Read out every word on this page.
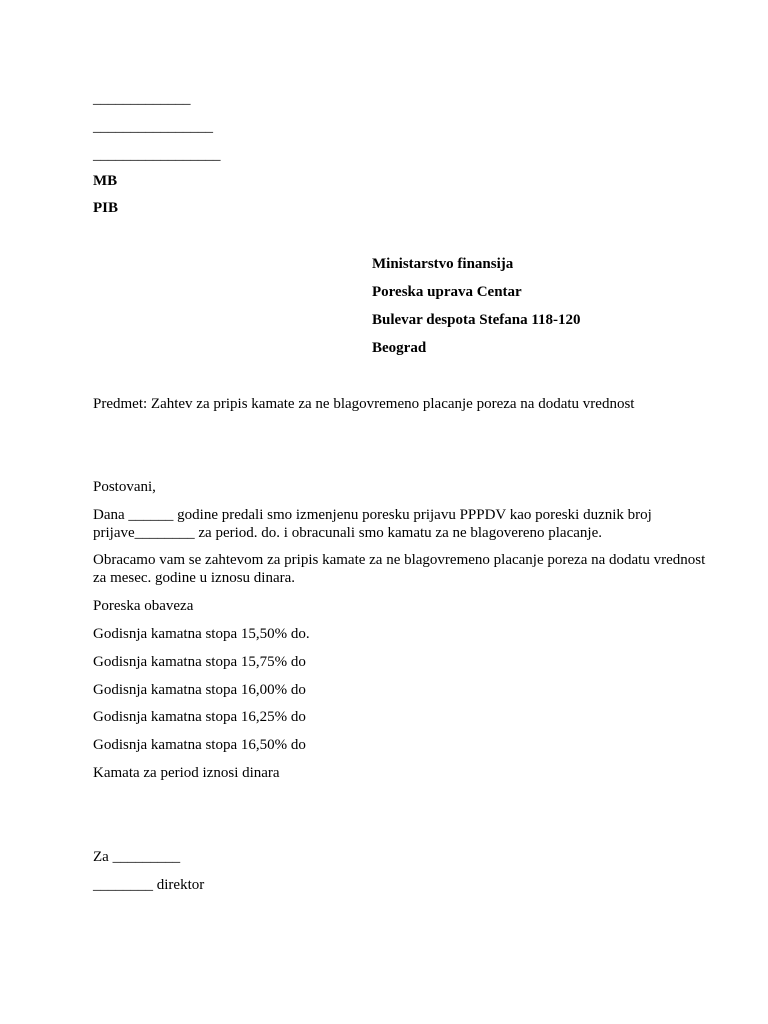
_____________
________________
_________________
MB
PIB
Ministarstvo finansija
Poreska uprava Centar
Bulevar despota Stefana 118-120
Beograd
Predmet: Zahtev za pripis kamate za ne blagovremeno placanje poreza na dodatu vrednost
Postovani,
Dana ______ godine predali smo izmenjenu poresku prijavu PPPDV kao poreski duznik broj prijave________ za period. do. i obracunali smo kamatu za ne blagovereno placanje.
Obracamo vam se zahtevom za pripis kamate za ne blagovremeno placanje poreza na dodatu vrednost za mesec. godine u iznosu dinara.
Poreska obaveza
Godisnja kamatna stopa 15,50% do.
Godisnja kamatna stopa 15,75% do
Godisnja kamatna stopa 16,00% do
Godisnja kamatna stopa 16,25% do
Godisnja kamatna stopa 16,50% do
Kamata za period iznosi dinara
Za _________
________ direktor
